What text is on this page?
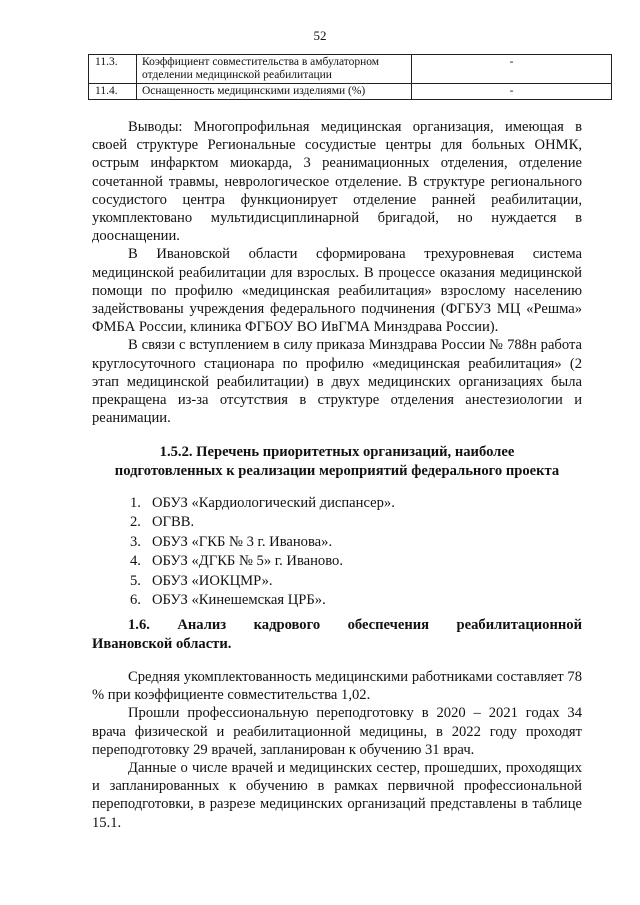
52
11.3.	Коэффициент совместительства в амбулаторном отделении медицинской реабилитации	-
11.4.	Оснащенность медицинскими изделиями (%)	-

Выводы: Многопрофильная медицинская организация, имеющая в своей структуре Региональные сосудистые центры для больных ОНМК, острым инфарктом миокарда, 3 реанимационных отделения, отделение сочетанной травмы, неврологическое отделение. В структуре регионального сосудистого центра функционирует отделение ранней реабилитации, укомплектовано мультидисциплинарной бригадой, но нуждается в дооснащении.

В Ивановской области сформирована трехуровневая система медицинской реабилитации для взрослых. В процессе оказания медицинской помощи по профилю «медицинская реабилитация» взрослому населению задействованы учреждения федерального подчинения (ФГБУЗ МЦ «Решма» ФМБА России, клиника ФГБОУ ВО ИвГМА Минздрава России).

В связи с вступлением в силу приказа Минздрава России № 788н работа круглосуточного стационара по профилю «медицинская реабилитация» (2 этап медицинской реабилитации) в двух медицинских организациях была прекращена из-за отсутствия в структуре отделения анестезиологии и реанимации.

1.5.2. Перечень приоритетных организаций, наиболее
подготовленных к реализации мероприятий федерального проекта
1. ОБУЗ «Кардиологический диспансер».
2. ОГВВ.
3. ОБУЗ «ГКБ № 3 г. Иванова».
4. ОБУЗ «ДГКБ № 5» г. Иваново.
5. ОБУЗ «ИОКЦМР».
6. ОБУЗ «Кинешемская ЦРБ».
1.6. Анализ кадрового обеспечения реабилитационной
Ивановской области.

Средняя укомплектованность медицинскими работниками составляет 78 % при коэффициенте совместительства 1,02.

Прошли профессиональную переподготовку в 2020 – 2021 годах 34 врача физической и реабилитационной медицины, в 2022 году проходят переподготовку 29 врачей, запланирован к обучению 31 врач.

Данные о числе врачей и медицинских сестер, прошедших, проходящих и запланированных к обучению в рамках первичной профессиональной переподготовки, в разрезе медицинских организаций представлены в таблице 15.1.
